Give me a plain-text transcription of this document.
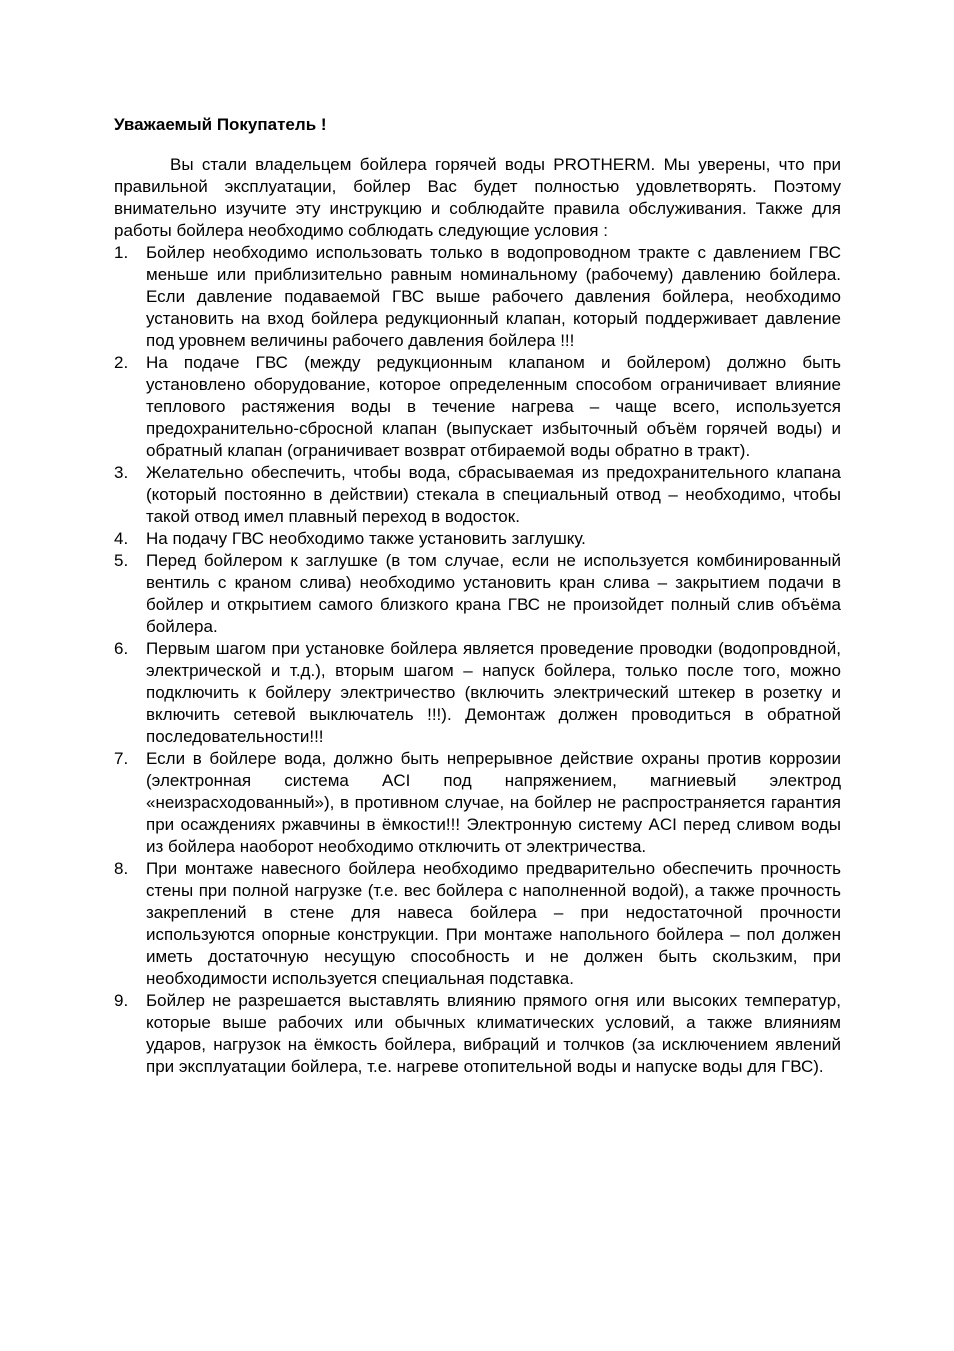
Уважаемый Покупатель !

Вы стали владельцем бойлера горячей воды PROTHERM. Мы уверены, что при правильной эксплуатации, бойлер Вас будет полностью удовлетворять. Поэтому внимательно изучите эту инструкцию и соблюдайте правила обслуживания. Также для работы бойлера необходимо соблюдать следующие условия :

1. Бойлер необходимо использовать только в водопроводном тракте с давлением ГВС меньше или приблизительно равным номинальному (рабочему) давлению бойлера. Если давление подаваемой ГВС выше рабочего давления бойлера, необходимо установить на вход бойлера редукционный клапан, который поддерживает давление под уровнем величины рабочего давления бойлера !!!
2. На подаче ГВС (между редукционным клапаном и бойлером) должно быть установлено оборудование, которое определенным способом ограничивает влияние теплового растяжения воды в течение нагрева – чаще всего, используется предохранительно-сбросной клапан (выпускает избыточный объём горячей воды) и обратный клапан (ограничивает возврат отбираемой воды обратно в тракт).
3. Желательно обеспечить, чтобы вода, сбрасываемая из предохранительного клапана (который постоянно в действии) стекала в специальный отвод – необходимо, чтобы такой отвод имел плавный переход в водосток.
4. На подачу ГВС необходимо также установить заглушку.
5. Перед бойлером к заглушке (в том случае, если не используется комбинированный вентиль с краном слива) необходимо установить кран слива – закрытием подачи в бойлер и открытием самого близкого крана ГВС не произойдет полный слив объёма бойлера.
6. Первым шагом при установке бойлера является проведение проводки (водопровдной, электрической и т.д.), вторым шагом – напуск бойлера, только после того, можно подключить к бойлеру электричество (включить электрический штекер в розетку и включить сетевой выключатель !!!). Демонтаж должен проводиться в обратной последовательности!!!
7. Если в бойлере вода, должно быть непрерывное действие охраны против коррозии (электронная система ACI под напряжением, магниевый электрод «неизрасходованный»), в противном случае, на бойлер не распространяется гарантия при осаждениях ржавчины в ёмкости!!! Электронную систему ACI перед сливом воды из бойлера наоборот необходимо отключить от электричества.
8. При монтаже навесного бойлера необходимо предварительно обеспечить прочность стены при полной нагрузке (т.е. вес бойлера с наполненной водой), а также прочность закреплений в стене для навеса бойлера – при недостаточной прочности используются опорные конструкции. При монтаже напольного бойлера – пол должен иметь достаточную несущую способность и не должен быть скользким, при необходимости используется специальная подставка.
9. Бойлер не разрешается выставлять влиянию прямого огня или высоких температур, которые выше рабочих или обычных климатических условий, а также влияниям ударов, нагрузок на ёмкость бойлера, вибраций и толчков (за исключением явлений при эксплуатации бойлера, т.е. нагреве отопительной воды и напуске воды для ГВС).
